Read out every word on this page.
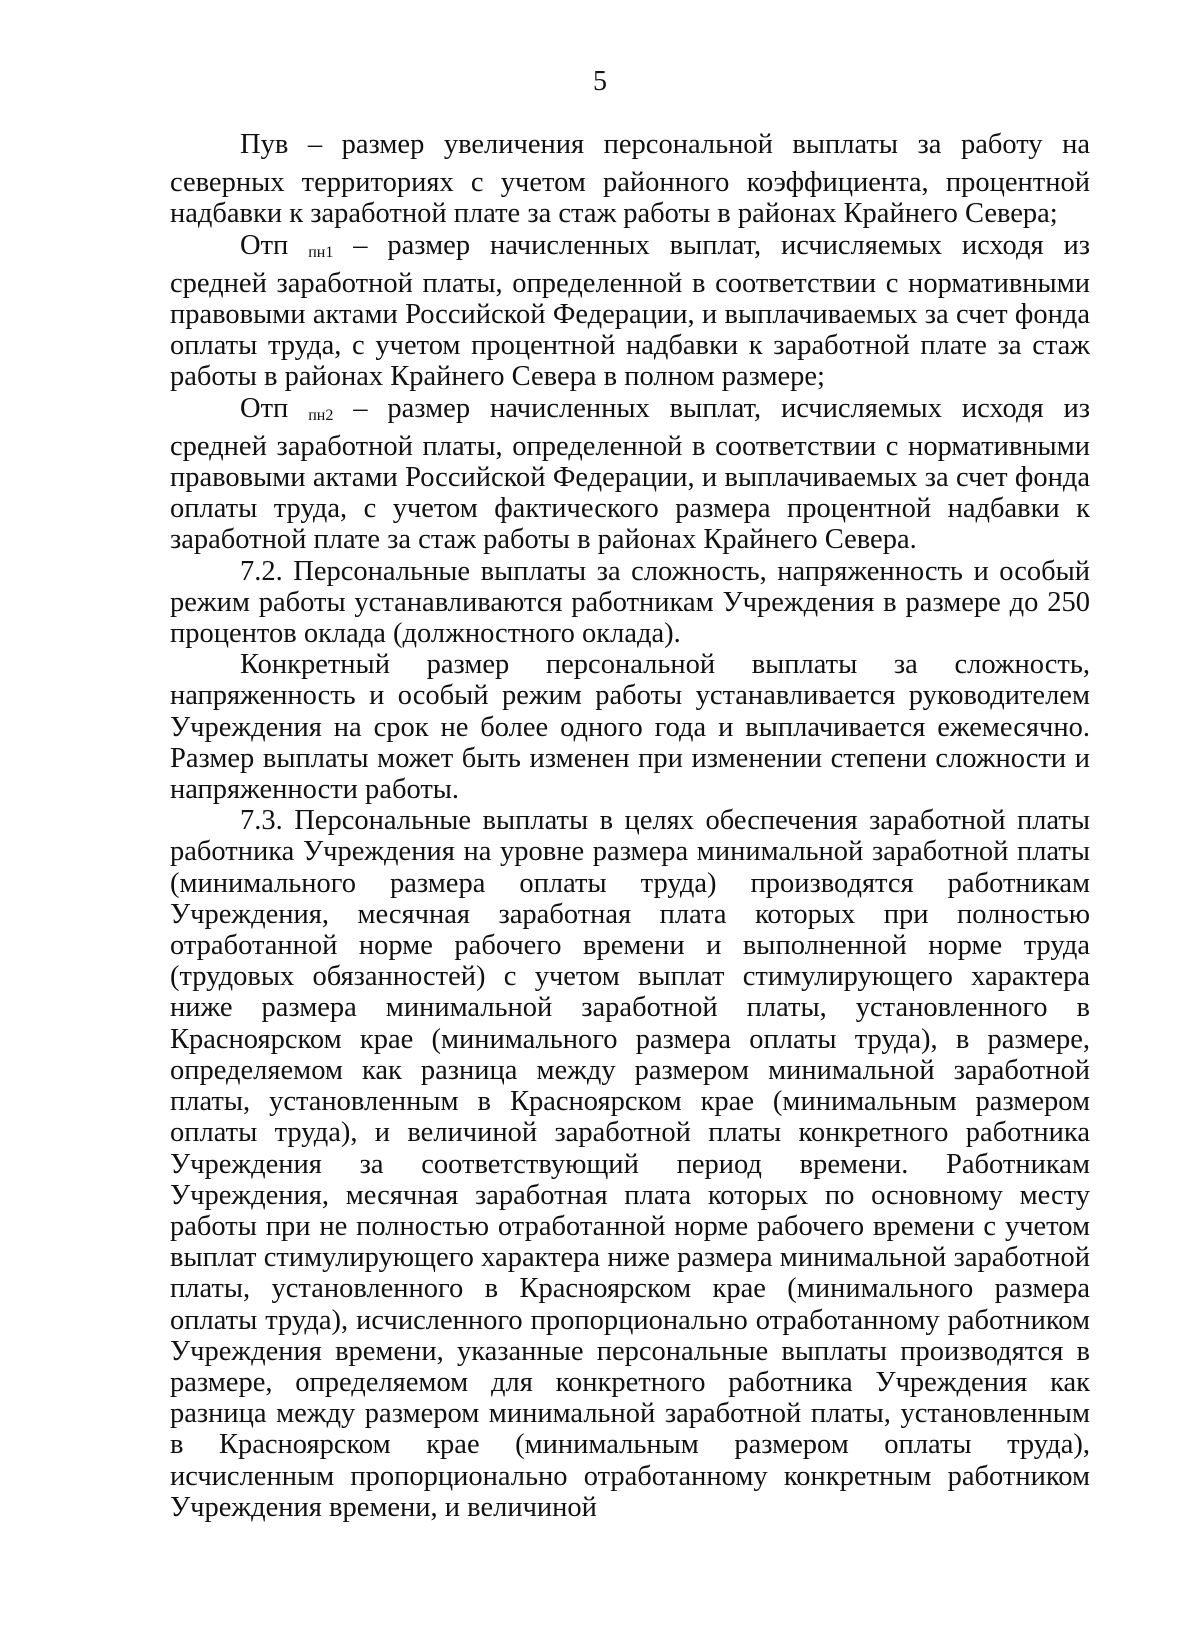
5

Пув – размер увеличения персональной выплаты за работу на северных территориях с учетом районного коэффициента, процентной надбавки к заработной плате за стаж работы в районах Крайнего Севера;

Отп пн1 – размер начисленных выплат, исчисляемых исходя из средней заработной платы, определенной в соответствии с нормативными правовыми актами Российской Федерации, и выплачиваемых за счет фонда оплаты труда, с учетом процентной надбавки к заработной плате за стаж работы в районах Крайнего Севера в полном размере;

Отп пн2 – размер начисленных выплат, исчисляемых исходя из средней заработной платы, определенной в соответствии с нормативными правовыми актами Российской Федерации, и выплачиваемых за счет фонда оплаты труда, с учетом фактического размера процентной надбавки к заработной плате за стаж работы в районах Крайнего Севера.

7.2. Персональные выплаты за сложность, напряженность и особый режим работы устанавливаются работникам Учреждения в размере до 250 процентов оклада (должностного оклада).

Конкретный размер персональной выплаты за сложность, напряженность и особый режим работы устанавливается руководителем Учреждения на срок не более одного года и выплачивается ежемесячно. Размер выплаты может быть изменен при изменении степени сложности и напряженности работы.

7.3. Персональные выплаты в целях обеспечения заработной платы работника Учреждения на уровне размера минимальной заработной платы (минимального размера оплаты труда) производятся работникам Учреждения, месячная заработная плата которых при полностью отработанной норме рабочего времени и выполненной норме труда (трудовых обязанностей) с учетом выплат стимулирующего характера ниже размера минимальной заработной платы, установленного в Красноярском крае (минимального размера оплаты труда), в размере, определяемом как разница между размером минимальной заработной платы, установленным в Красноярском крае (минимальным размером оплаты труда), и величиной заработной платы конкретного работника Учреждения за соответствующий период времени. Работникам Учреждения, месячная заработная плата которых по основному месту работы при не полностью отработанной норме рабочего времени с учетом выплат стимулирующего характера ниже размера минимальной заработной платы, установленного в Красноярском крае (минимального размера оплаты труда), исчисленного пропорционально отработанному работником Учреждения времени, указанные персональные выплаты производятся в размере, определяемом для конкретного работника Учреждения как разница между размером минимальной заработной платы, установленным в Красноярском крае (минимальным размером оплаты труда), исчисленным пропорционально отработанному конкретным работником Учреждения времени, и величиной
